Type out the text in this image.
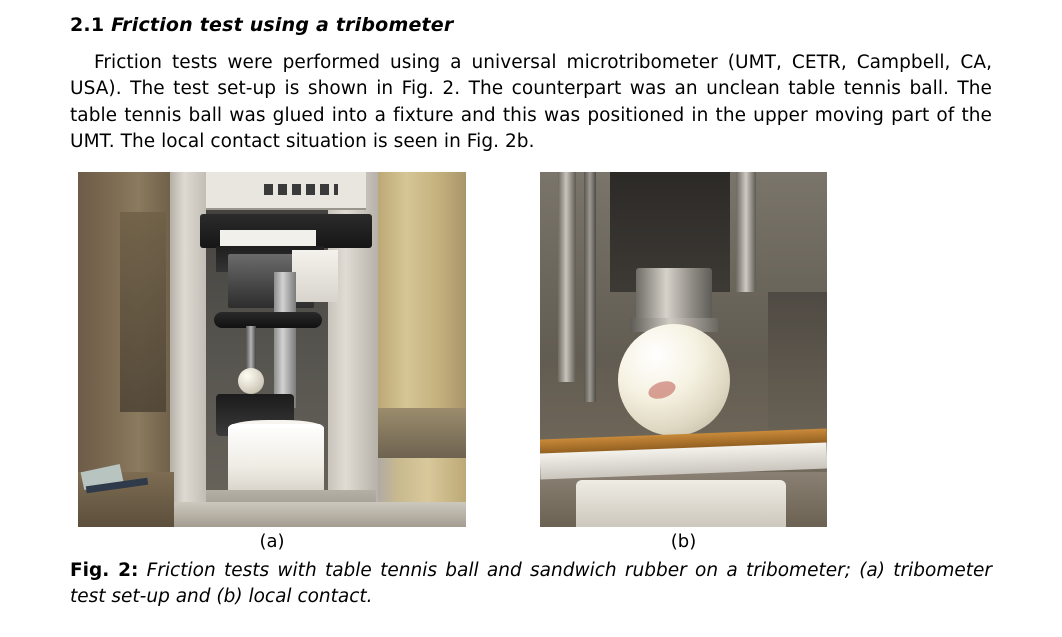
2.1 Friction test using a tribometer

Friction tests were performed using a universal microtribometer (UMT, CETR, Campbell, CA, USA). The test set-up is shown in Fig. 2. The counterpart was an unclean table tennis ball. The table tennis ball was glued into a fixture and this was positioned in the upper moving part of the UMT. The local contact situation is seen in Fig. 2b.

(a)	(b)
Fig. 2: Friction tests with table tennis ball and sandwich rubber on a tribometer; (a) tribometer test set-up and (b) local contact.
